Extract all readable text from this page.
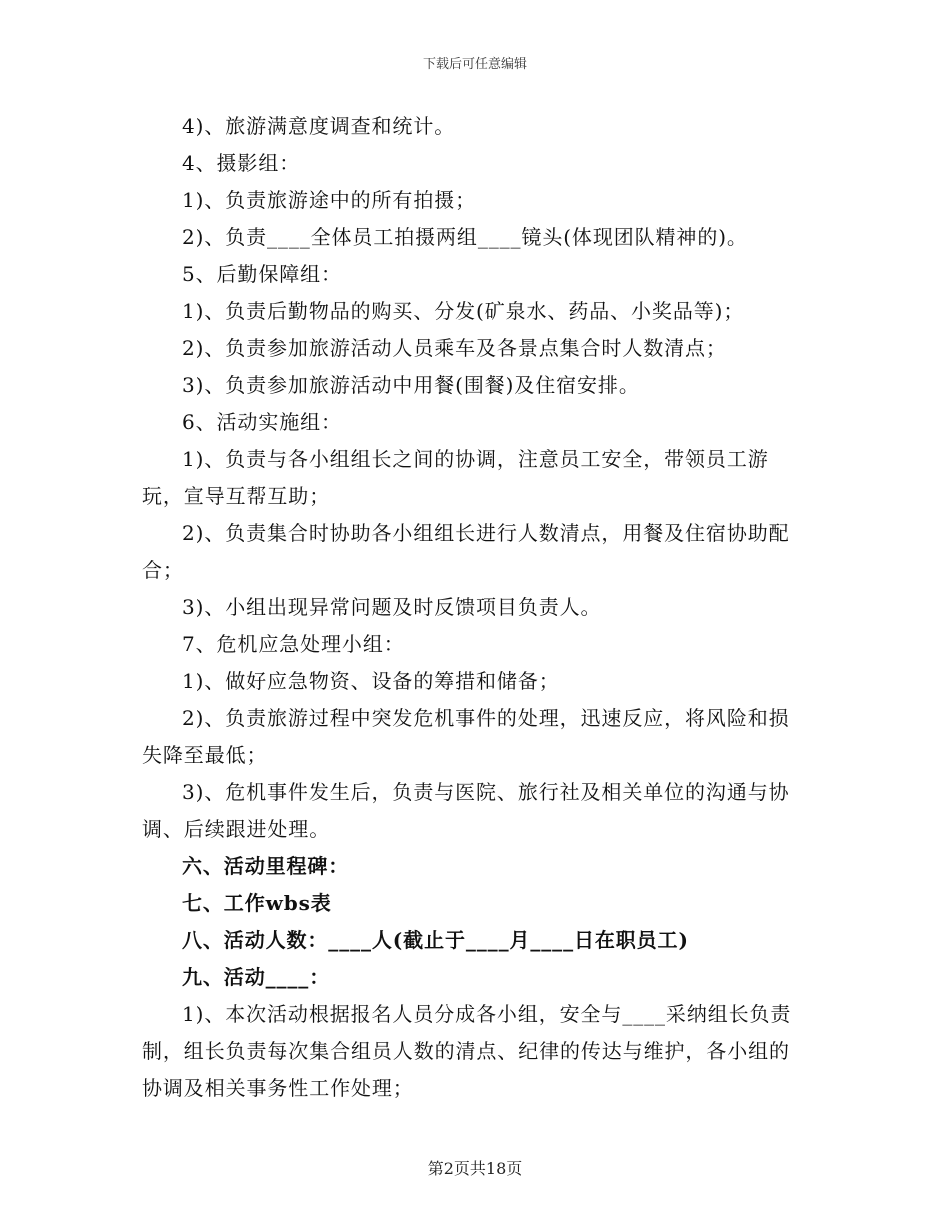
下载后可任意编辑

4)、旅游满意度调查和统计。

4、摄影组：

1)、负责旅游途中的所有拍摄；

2)、负责____全体员工拍摄两组____镜头(体现团队精神的)。

5、后勤保障组：

1)、负责后勤物品的购买、分发(矿泉水、药品、小奖品等)；

2)、负责参加旅游活动人员乘车及各景点集合时人数清点；

3)、负责参加旅游活动中用餐(围餐)及住宿安排。

6、活动实施组：

1)、负责与各小组组长之间的协调，注意员工安全，带领员工游玩，宣导互帮互助；

2)、负责集合时协助各小组组长进行人数清点，用餐及住宿协助配合；

3)、小组出现异常问题及时反馈项目负责人。

7、危机应急处理小组：

1)、做好应急物资、设备的筹措和储备；

2)、负责旅游过程中突发危机事件的处理，迅速反应，将风险和损失降至最低；

3)、危机事件发生后，负责与医院、旅行社及相关单位的沟通与协调、后续跟进处理。

六、活动里程碑：

七、工作wbs表

八、活动人数：____人(截止于____月____日在职员工)

九、活动____：

1)、本次活动根据报名人员分成各小组，安全与____采纳组长负责制，组长负责每次集合组员人数的清点、纪律的传达与维护，各小组的协调及相关事务性工作处理；

第2页共18页
